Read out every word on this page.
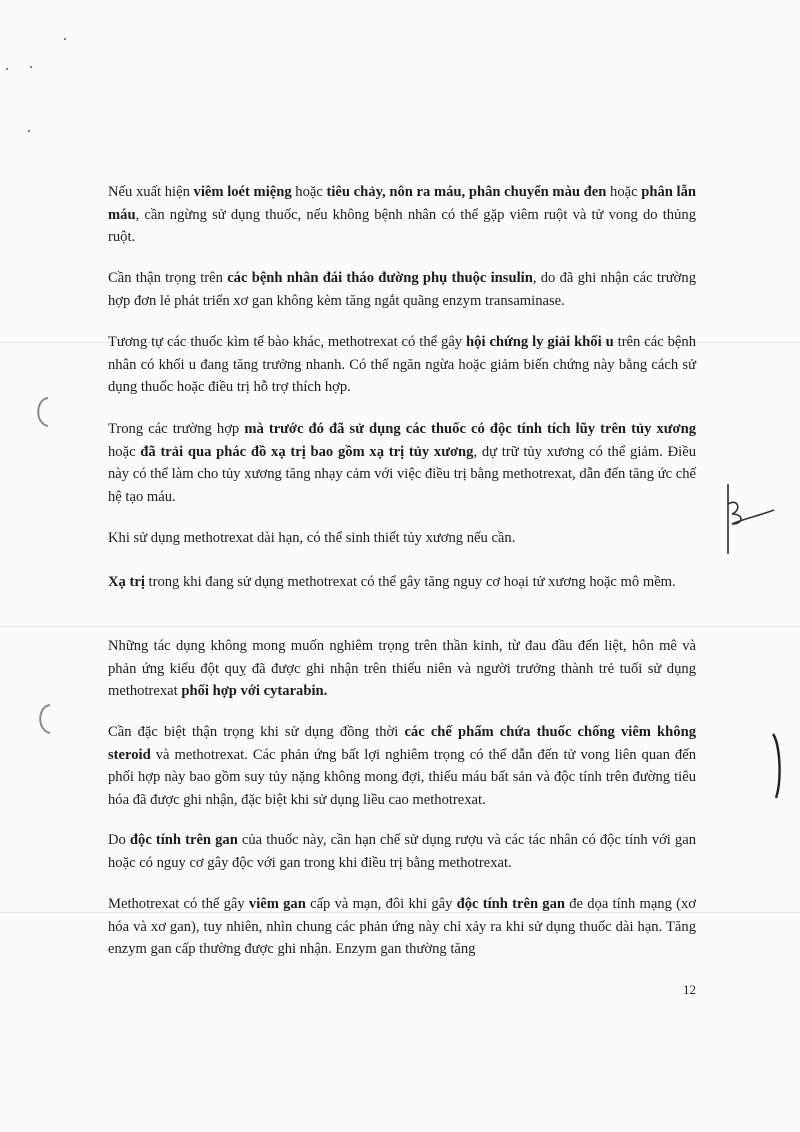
Nếu xuất hiện viêm loét miệng hoặc tiêu chảy, nôn ra máu, phân chuyển màu đen hoặc phân lẫn máu, cần ngừng sử dụng thuốc, nếu không bệnh nhân có thể gặp viêm ruột và tử vong do thủng ruột.

Cần thận trọng trên các bệnh nhân đái tháo đường phụ thuộc insulin, do đã ghi nhận các trường hợp đơn lẻ phát triển xơ gan không kèm tăng ngắt quãng enzym transaminase.

Tương tự các thuốc kìm tế bào khác, methotrexat có thể gây hội chứng ly giải khối u trên các bệnh nhân có khối u đang tăng trưởng nhanh. Có thể ngăn ngừa hoặc giảm biến chứng này bằng cách sử dụng thuốc hoặc điều trị hỗ trợ thích hợp.

Trong các trường hợp mà trước đó đã sử dụng các thuốc có độc tính tích lũy trên tủy xương hoặc đã trải qua phác đồ xạ trị bao gồm xạ trị tủy xương, dự trữ tủy xương có thể giảm. Điều này có thể làm cho tủy xương tăng nhạy cảm với việc điều trị bằng methotrexat, dẫn đến tăng ức chế hệ tạo máu.

Khi sử dụng methotrexat dài hạn, có thể sinh thiết tủy xương nếu cần.

Xạ trị trong khi đang sử dụng methotrexat có thể gây tăng nguy cơ hoại tử xương hoặc mô mềm.

Những tác dụng không mong muốn nghiêm trọng trên thần kinh, từ đau đầu đến liệt, hôn mê và phản ứng kiểu đột quỵ đã được ghi nhận trên thiếu niên và người trưởng thành trẻ tuổi sử dụng methotrexat phối hợp với cytarabin.

Cần đặc biệt thận trọng khi sử dụng đồng thời các chế phẩm chứa thuốc chống viêm không steroid và methotrexat. Các phản ứng bất lợi nghiêm trọng có thể dẫn đến tử vong liên quan đến phối hợp này bao gồm suy tủy nặng không mong đợi, thiếu máu bất sản và độc tính trên đường tiêu hóa đã được ghi nhận, đặc biệt khi sử dụng liều cao methotrexat.

Do độc tính trên gan của thuốc này, cần hạn chế sử dụng rượu và các tác nhân có độc tính với gan hoặc có nguy cơ gây độc với gan trong khi điều trị bằng methotrexat.

Methotrexat có thể gây viêm gan cấp và mạn, đôi khi gây độc tính trên gan đe dọa tính mạng (xơ hóa và xơ gan), tuy nhiên, nhìn chung các phản ứng này chỉ xảy ra khi sử dụng thuốc dài hạn. Tăng enzym gan cấp thường được ghi nhận. Enzym gan thường tăng

12
